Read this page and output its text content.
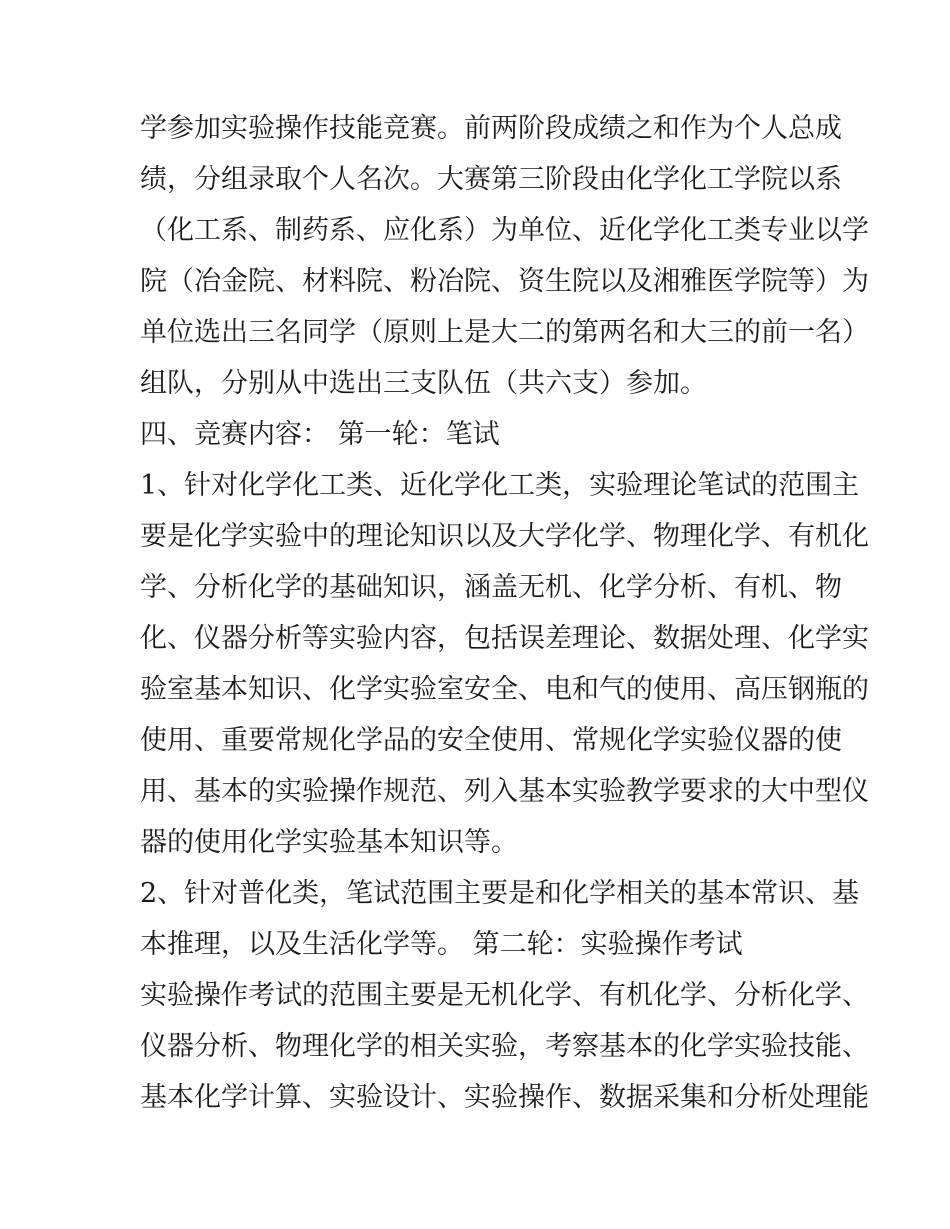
学参加实验操作技能竞赛。前两阶段成绩之和作为个人总成
绩，分组录取个人名次。大赛第三阶段由化学化工学院以系
（化工系、制药系、应化系）为单位、近化学化工类专业以学
院（冶金院、材料院、粉冶院、资生院以及湘雅医学院等）为
单位选出三名同学（原则上是大二的第两名和大三的前一名）
组队，分别从中选出三支队伍（共六支）参加。
四、竞赛内容： 第一轮：笔试
1、针对化学化工类、近化学化工类，实验理论笔试的范围主
要是化学实验中的理论知识以及大学化学、物理化学、有机化
学、分析化学的基础知识，涵盖无机、化学分析、有机、物
化、仪器分析等实验内容，包括误差理论、数据处理、化学实
验室基本知识、化学实验室安全、电和气的使用、高压钢瓶的
使用、重要常规化学品的安全使用、常规化学实验仪器的使
用、基本的实验操作规范、列入基本实验教学要求的大中型仪
器的使用化学实验基本知识等。
2、针对普化类，笔试范围主要是和化学相关的基本常识、基
本推理，以及生活化学等。 第二轮：实验操作考试
实验操作考试的范围主要是无机化学、有机化学、分析化学、
仪器分析、物理化学的相关实验，考察基本的化学实验技能、
基本化学计算、实验设计、实验操作、数据采集和分析处理能
